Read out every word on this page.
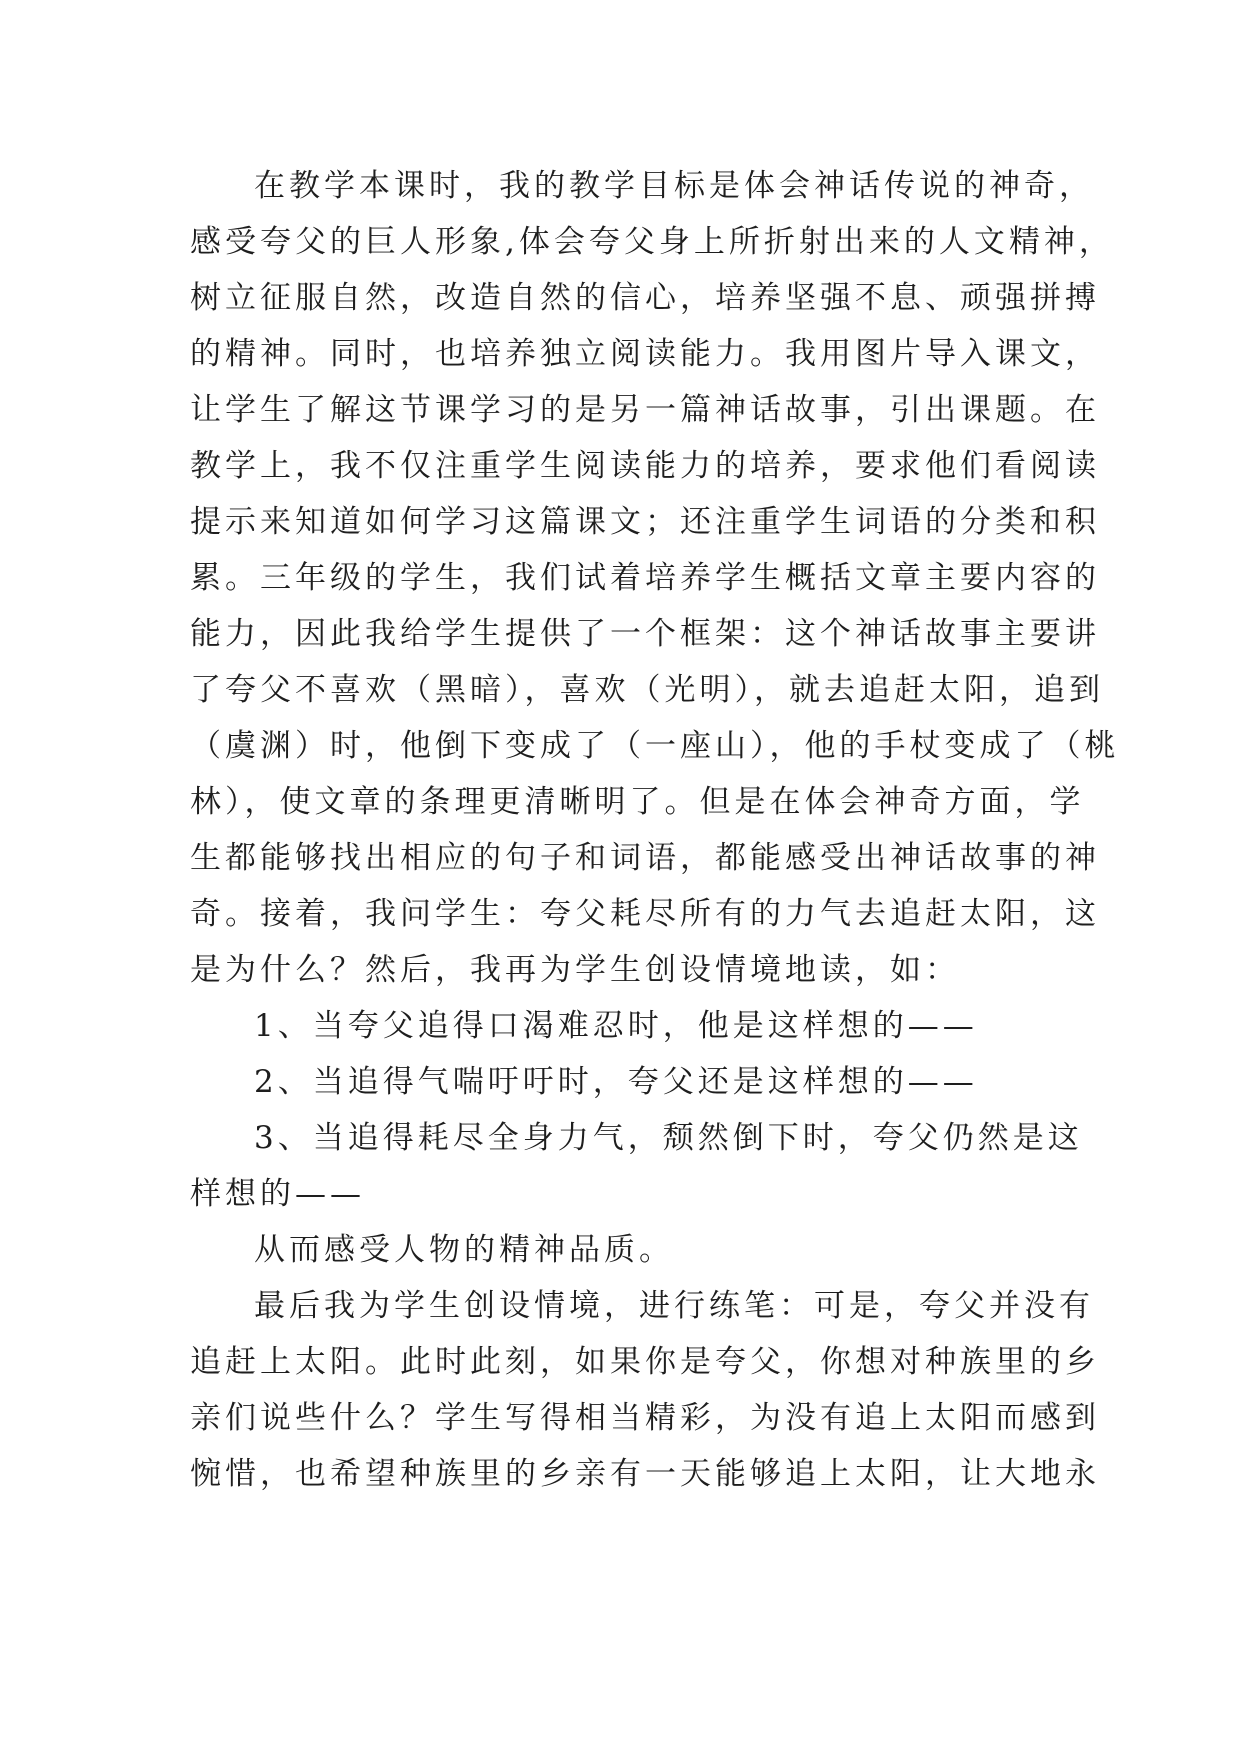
在教学本课时，我的教学目标是体会神话传说的神奇，

感受夸父的巨人形象,体会夸父身上所折射出来的人文精神，

树立征服自然，改造自然的信心，培养坚强不息、顽强拼搏

的精神。同时，也培养独立阅读能力。我用图片导入课文，

让学生了解这节课学习的是另一篇神话故事，引出课题。在

教学上，我不仅注重学生阅读能力的培养，要求他们看阅读

提示来知道如何学习这篇课文；还注重学生词语的分类和积

累。三年级的学生，我们试着培养学生概括文章主要内容的

能力，因此我给学生提供了一个框架：这个神话故事主要讲

了夸父不喜欢（黑暗），喜欢（光明），就去追赶太阳，追到

（虞渊）时，他倒下变成了（一座山），他的手杖变成了（桃

林），使文章的条理更清晰明了。但是在体会神奇方面，学

生都能够找出相应的句子和词语，都能感受出神话故事的神

奇。接着，我问学生：夸父耗尽所有的力气去追赶太阳，这

是为什么？然后，我再为学生创设情境地读，如：

1、当夸父追得口渴难忍时，他是这样想的——

2、当追得气喘吁吁时，夸父还是这样想的——

3、当追得耗尽全身力气，颓然倒下时，夸父仍然是这

样想的——

从而感受人物的精神品质。

最后我为学生创设情境，进行练笔：可是，夸父并没有

追赶上太阳。此时此刻，如果你是夸父，你想对种族里的乡

亲们说些什么？学生写得相当精彩，为没有追上太阳而感到

惋惜，也希望种族里的乡亲有一天能够追上太阳，让大地永
